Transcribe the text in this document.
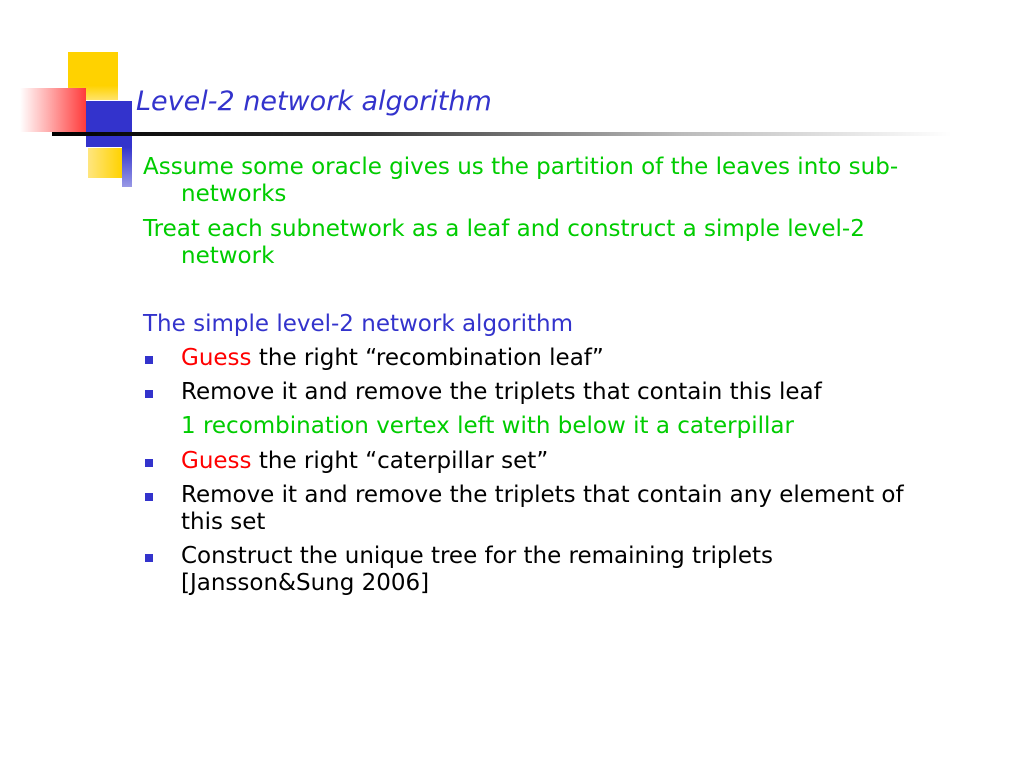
Level-2 network algorithm

Assume some oracle gives us the partition of the leaves into sub-

networks

Treat each subnetwork as a leaf and construct a simple level-2

network

The simple level-2 network algorithm

Guess the right “recombination leaf”

Remove it and remove the triplets that contain this leaf

1 recombination vertex left with below it a caterpillar

Guess the right “caterpillar set”

Remove it and remove the triplets that contain any element of

this set

Construct the unique tree for the remaining triplets

[Jansson&Sung 2006]
